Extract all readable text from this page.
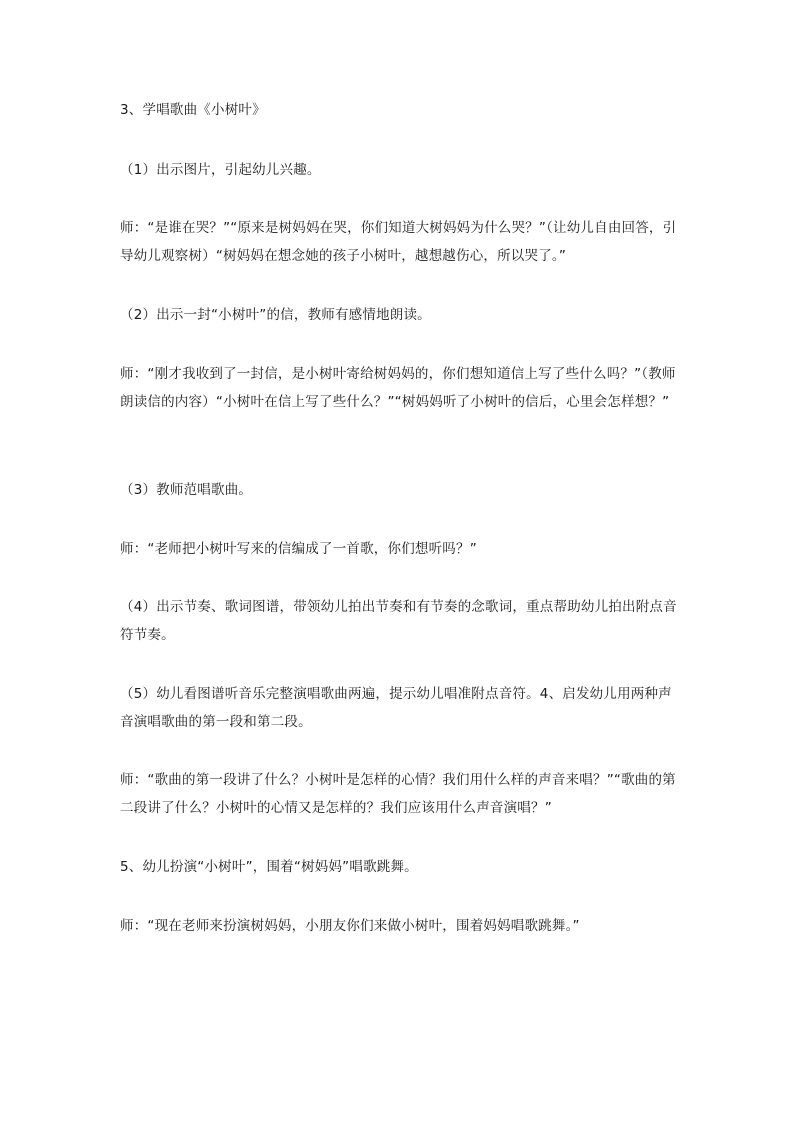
3、学唱歌曲《小树叶》

（1）出示图片，引起幼儿兴趣。

师：“是谁在哭？”“原来是树妈妈在哭，你们知道大树妈妈为什么哭？”（让幼儿自由回答，引导幼儿观察树）“树妈妈在想念她的孩子小树叶，越想越伤心，所以哭了。”

（2）出示一封“小树叶”的信，教师有感情地朗读。

师：“刚才我收到了一封信，是小树叶寄给树妈妈的，你们想知道信上写了些什么吗？”（教师朗读信的内容）“小树叶在信上写了些什么？”“树妈妈听了小树叶的信后，心里会怎样想？”

（3）教师范唱歌曲。

师：“老师把小树叶写来的信编成了一首歌，你们想听吗？”

（4）出示节奏、歌词图谱，带领幼儿拍出节奏和有节奏的念歌词，重点帮助幼儿拍出附点音符节奏。

（5）幼儿看图谱听音乐完整演唱歌曲两遍，提示幼儿唱准附点音符。4、启发幼儿用两种声音演唱歌曲的第一段和第二段。

师：“歌曲的第一段讲了什么？小树叶是怎样的心情？我们用什么样的声音来唱？”“歌曲的第二段讲了什么？小树叶的心情又是怎样的？我们应该用什么声音演唱？”

5、幼儿扮演“小树叶”，围着“树妈妈”唱歌跳舞。

师：“现在老师来扮演树妈妈，小朋友你们来做小树叶，围着妈妈唱歌跳舞。”
